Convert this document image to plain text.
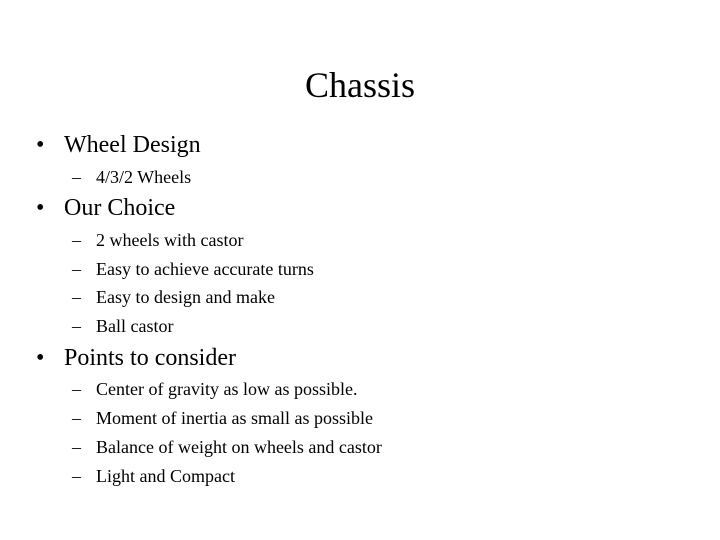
Chassis
• Wheel Design
– 4/3/2 Wheels
• Our Choice
– 2 wheels with castor
– Easy to achieve accurate turns
– Easy to design and make
– Ball castor
• Points to consider
– Center of gravity as low as possible.
– Moment of inertia as small as possible
– Balance of weight on wheels and castor
– Light and Compact
